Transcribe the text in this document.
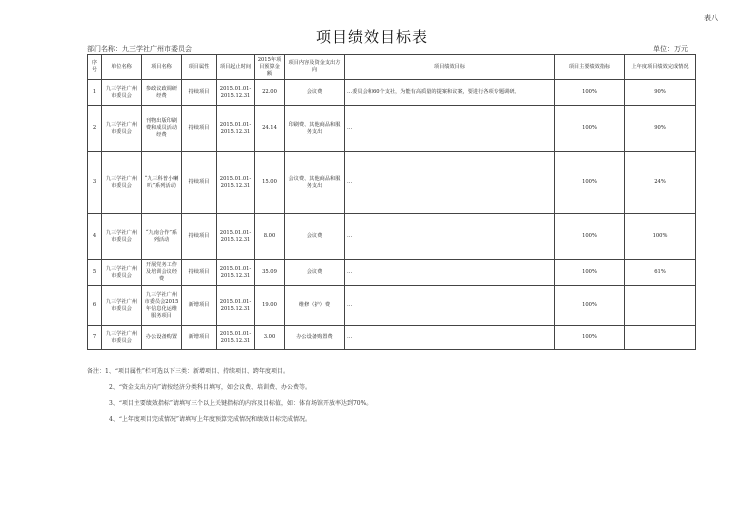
表八
项目绩效目标表
部门名称：九三学社广州市委员会	单位：万元
序号	单位名称	项目名称	项目属性	项目起止时间	2015年项目预算金额	项目内容及资金支出方向	项目绩效目标	项目主要绩效指标	上年度项目绩效完成情况
1	九三学社广州市委员会	参政议政调研经费	持续项目	2015.01.01-2015.12.31	22.00	会议费	…委员会和60个支社，为能有高质量的提案和议案，要进行各项专题调研。	100%	90%
2	九三学社广州市委员会	刊物出版印刷费和成员活动经费	持续项目	2015.01.01-2015.12.31	24.14	印刷费、其他商品和服务支出	…	100%	90%
3	九三学社广州市委员会	“九三科普小喇叭”系列活动	持续项目	2015.01.01-2015.12.31	15.00	会议费、其他商品和服务支出	…	100%	24%
4	九三学社广州市委员会	“九南合作”系列活动	持续项目	2015.01.01-2015.12.31	8.00	会议费	…	100%	100%
5	九三学社广州市委员会	开展党务工作及培训会议经费	持续项目	2015.01.01-2015.12.31	35.09	会议费	…	100%	61%
6	九三学社广州市委员会	九三学社广州市委员会2015年信息化运维服务项目	新增项目	2015.01.01-2015.12.31	19.00	维修（护）费	…	100%	
7	九三学社广州市委员会	办公设备购置	新增项目	2015.01.01-2015.12.31	3.00	办公设备购置费	…	100%	
备注：1、“项目属性”栏可选以下三类：新增项目、持续项目、跨年度项目。
2、“资金支出方向”请按经济分类科目填写，如会议费、培训费、办公费等。
3、“项目主要绩效指标”请填写三个以上关键指标的内容及目标值，如：体育场馆开放率达到70%。
4、“上年度项目完成情况”请填写上年度预算完成情况和绩效目标完成情况。
